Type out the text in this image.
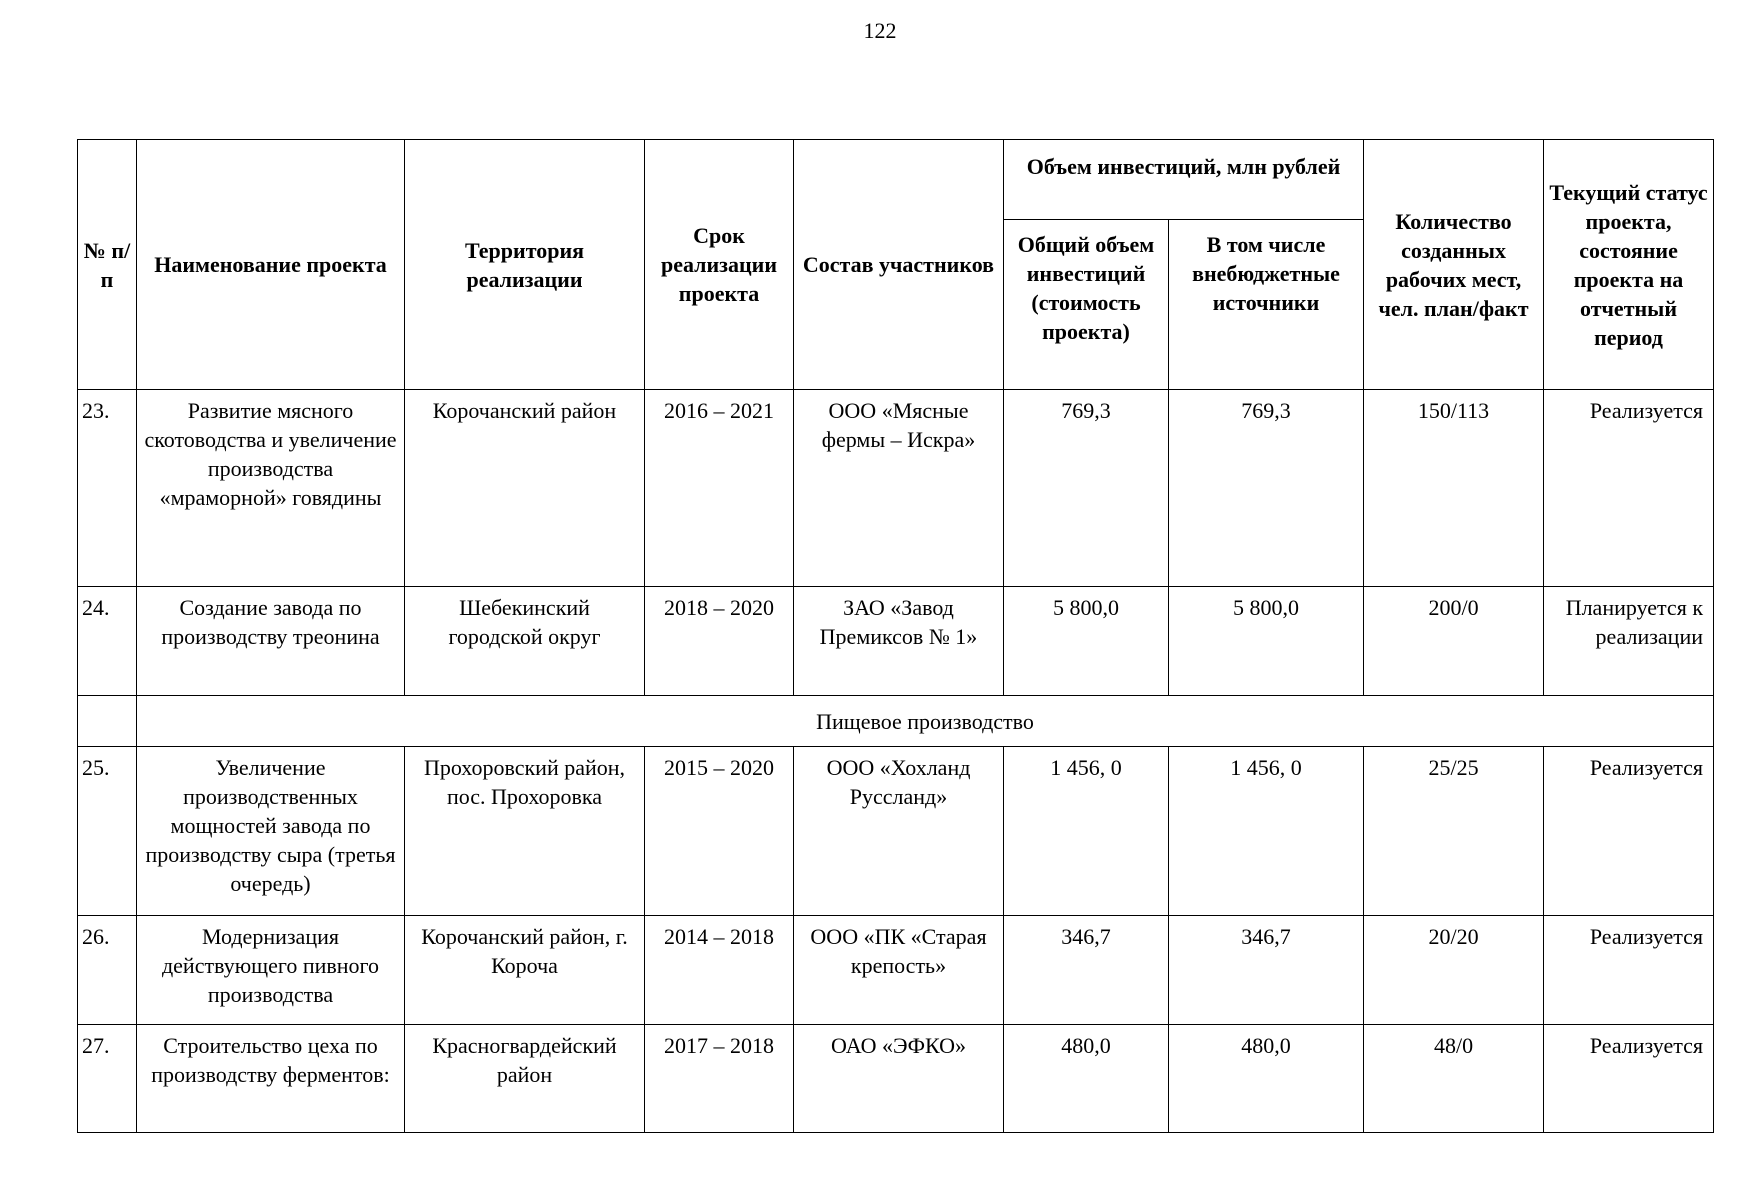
122
№ п/п	Наименование проекта	Территория реализации	Срок реализации проекта	Состав участников	Объем инвестиций, млн рублей		Количество созданных рабочих мест, чел. план/факт	Текущий статус проекта, состояние проекта на отчетный период
					Общий объем инвестиций (стоимость проекта)	В том числе внебюджетные источники		
23.	Развитие мясного скотоводства и увеличение производства «мраморной» говядины	Корочанский район	2016 – 2021	ООО «Мясные фермы – Искра»	769,3	769,3	150/113	Реализуется
24.	Создание завода по производству треонина	Шебекинский городской округ	2018 – 2020	ЗАО «Завод Премиксов № 1»	5 800,0	5 800,0	200/0	Планируется к реализации
	Пищевое производство							
25.	Увеличение производственных мощностей завода по производству сыра (третья очередь)	Прохоровский район, пос. Прохоровка	2015 – 2020	ООО «Хохланд Руссланд»	1 456, 0	1 456, 0	25/25	Реализуется
26.	Модернизация действующего пивного производства	Корочанский район, г. Короча	2014 – 2018	ООО «ПК «Старая крепость»	346,7	346,7	20/20	Реализуется
27.	Строительство цеха по производству ферментов:	Красногвардейский район	2017 – 2018	ОАО «ЭФКО»	480,0	480,0	48/0	Реализуется
